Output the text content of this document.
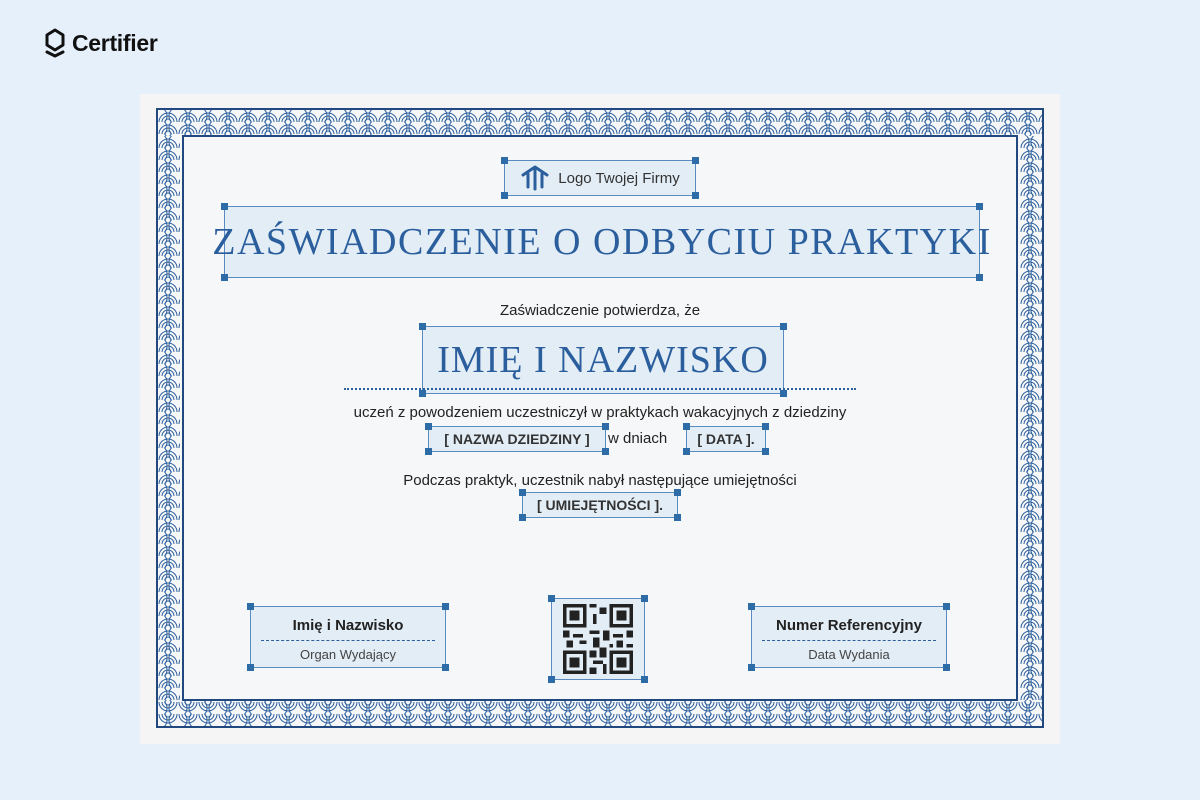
Certifier
Logo Twojej Firmy
ZAŚWIADCZENIE O ODBYCIU PRAKTYKI
Zaświadczenie potwierdza, że
IMIĘ I NAZWISKO
uczeń z powodzeniem uczestniczył w praktykach wakacyjnych z dziedziny
[ NAZWA DZIEDZINY ] w dniach [ DATA ].
Podczas praktyk, uczestnik nabył następujące umiejętności
[ UMIEJĘTNOŚCI ].
Imię i Nazwisko
Organ Wydający
Numer Referencyjny
Data Wydania
